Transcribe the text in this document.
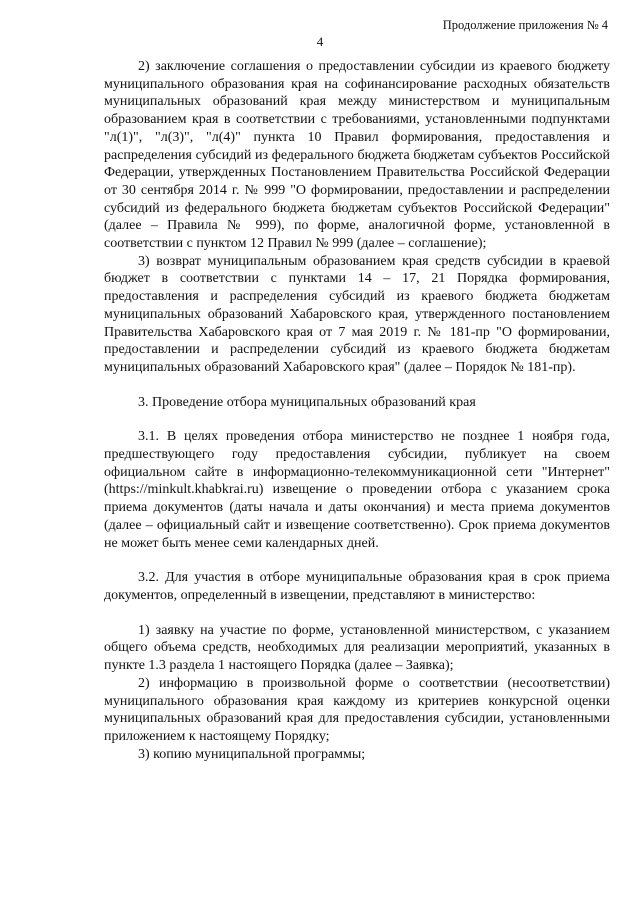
Продолжение приложения № 4
4

2) заключение соглашения о предоставлении субсидии из краевого бюджету муниципального образования края на софинансирование расходных обязательств муниципальных образований края между министерством и муниципальным образованием края в соответствии с требованиями, установленными подпунктами "л(1)", "л(3)", "л(4)" пункта 10 Правил формирования, предоставления и распределения субсидий из федерального бюджета бюджетам субъектов Российской Федерации, утвержденных Постановлением Правительства Российской Федерации от 30 сентября 2014 г. № 999 "О формировании, предоставлении и распределении субсидий из федерального бюджета бюджетам субъектов Российской Федерации" (далее – Правила № 999), по форме, аналогичной форме, установленной в соответствии с пунктом 12 Правил № 999 (далее – соглашение);

3) возврат муниципальным образованием края средств субсидии в краевой бюджет в соответствии с пунктами 14 – 17, 21 Порядка формирования, предоставления и распределения субсидий из краевого бюджета бюджетам муниципальных образований Хабаровского края, утвержденного постановлением Правительства Хабаровского края от 7 мая 2019 г. № 181-пр "О формировании, предоставлении и распределении субсидий из краевого бюджета бюджетам муниципальных образований Хабаровского края" (далее – Порядок № 181-пр).

3. Проведение отбора муниципальных образований края

3.1. В целях проведения отбора министерство не позднее 1 ноября года, предшествующего году предоставления субсидии, публикует на своем официальном сайте в информационно-телекоммуникационной сети "Интернет" (https://minkult.khabkrai.ru) извещение о проведении отбора с указанием срока приема документов (даты начала и даты окончания) и места приема документов (далее – официальный сайт и извещение соответственно). Срок приема документов не может быть менее семи календарных дней.

3.2. Для участия в отборе муниципальные образования края в срок приема документов, определенный в извещении, представляют в министерство:

1) заявку на участие по форме, установленной министерством, с указанием общего объема средств, необходимых для реализации мероприятий, указанных в пункте 1.3 раздела 1 настоящего Порядка (далее – Заявка);

2) информацию в произвольной форме о соответствии (несоответствии) муниципального образования края каждому из критериев конкурсной оценки муниципальных образований края для предоставления субсидии, установленными приложением к настоящему Порядку;

3) копию муниципальной программы;
